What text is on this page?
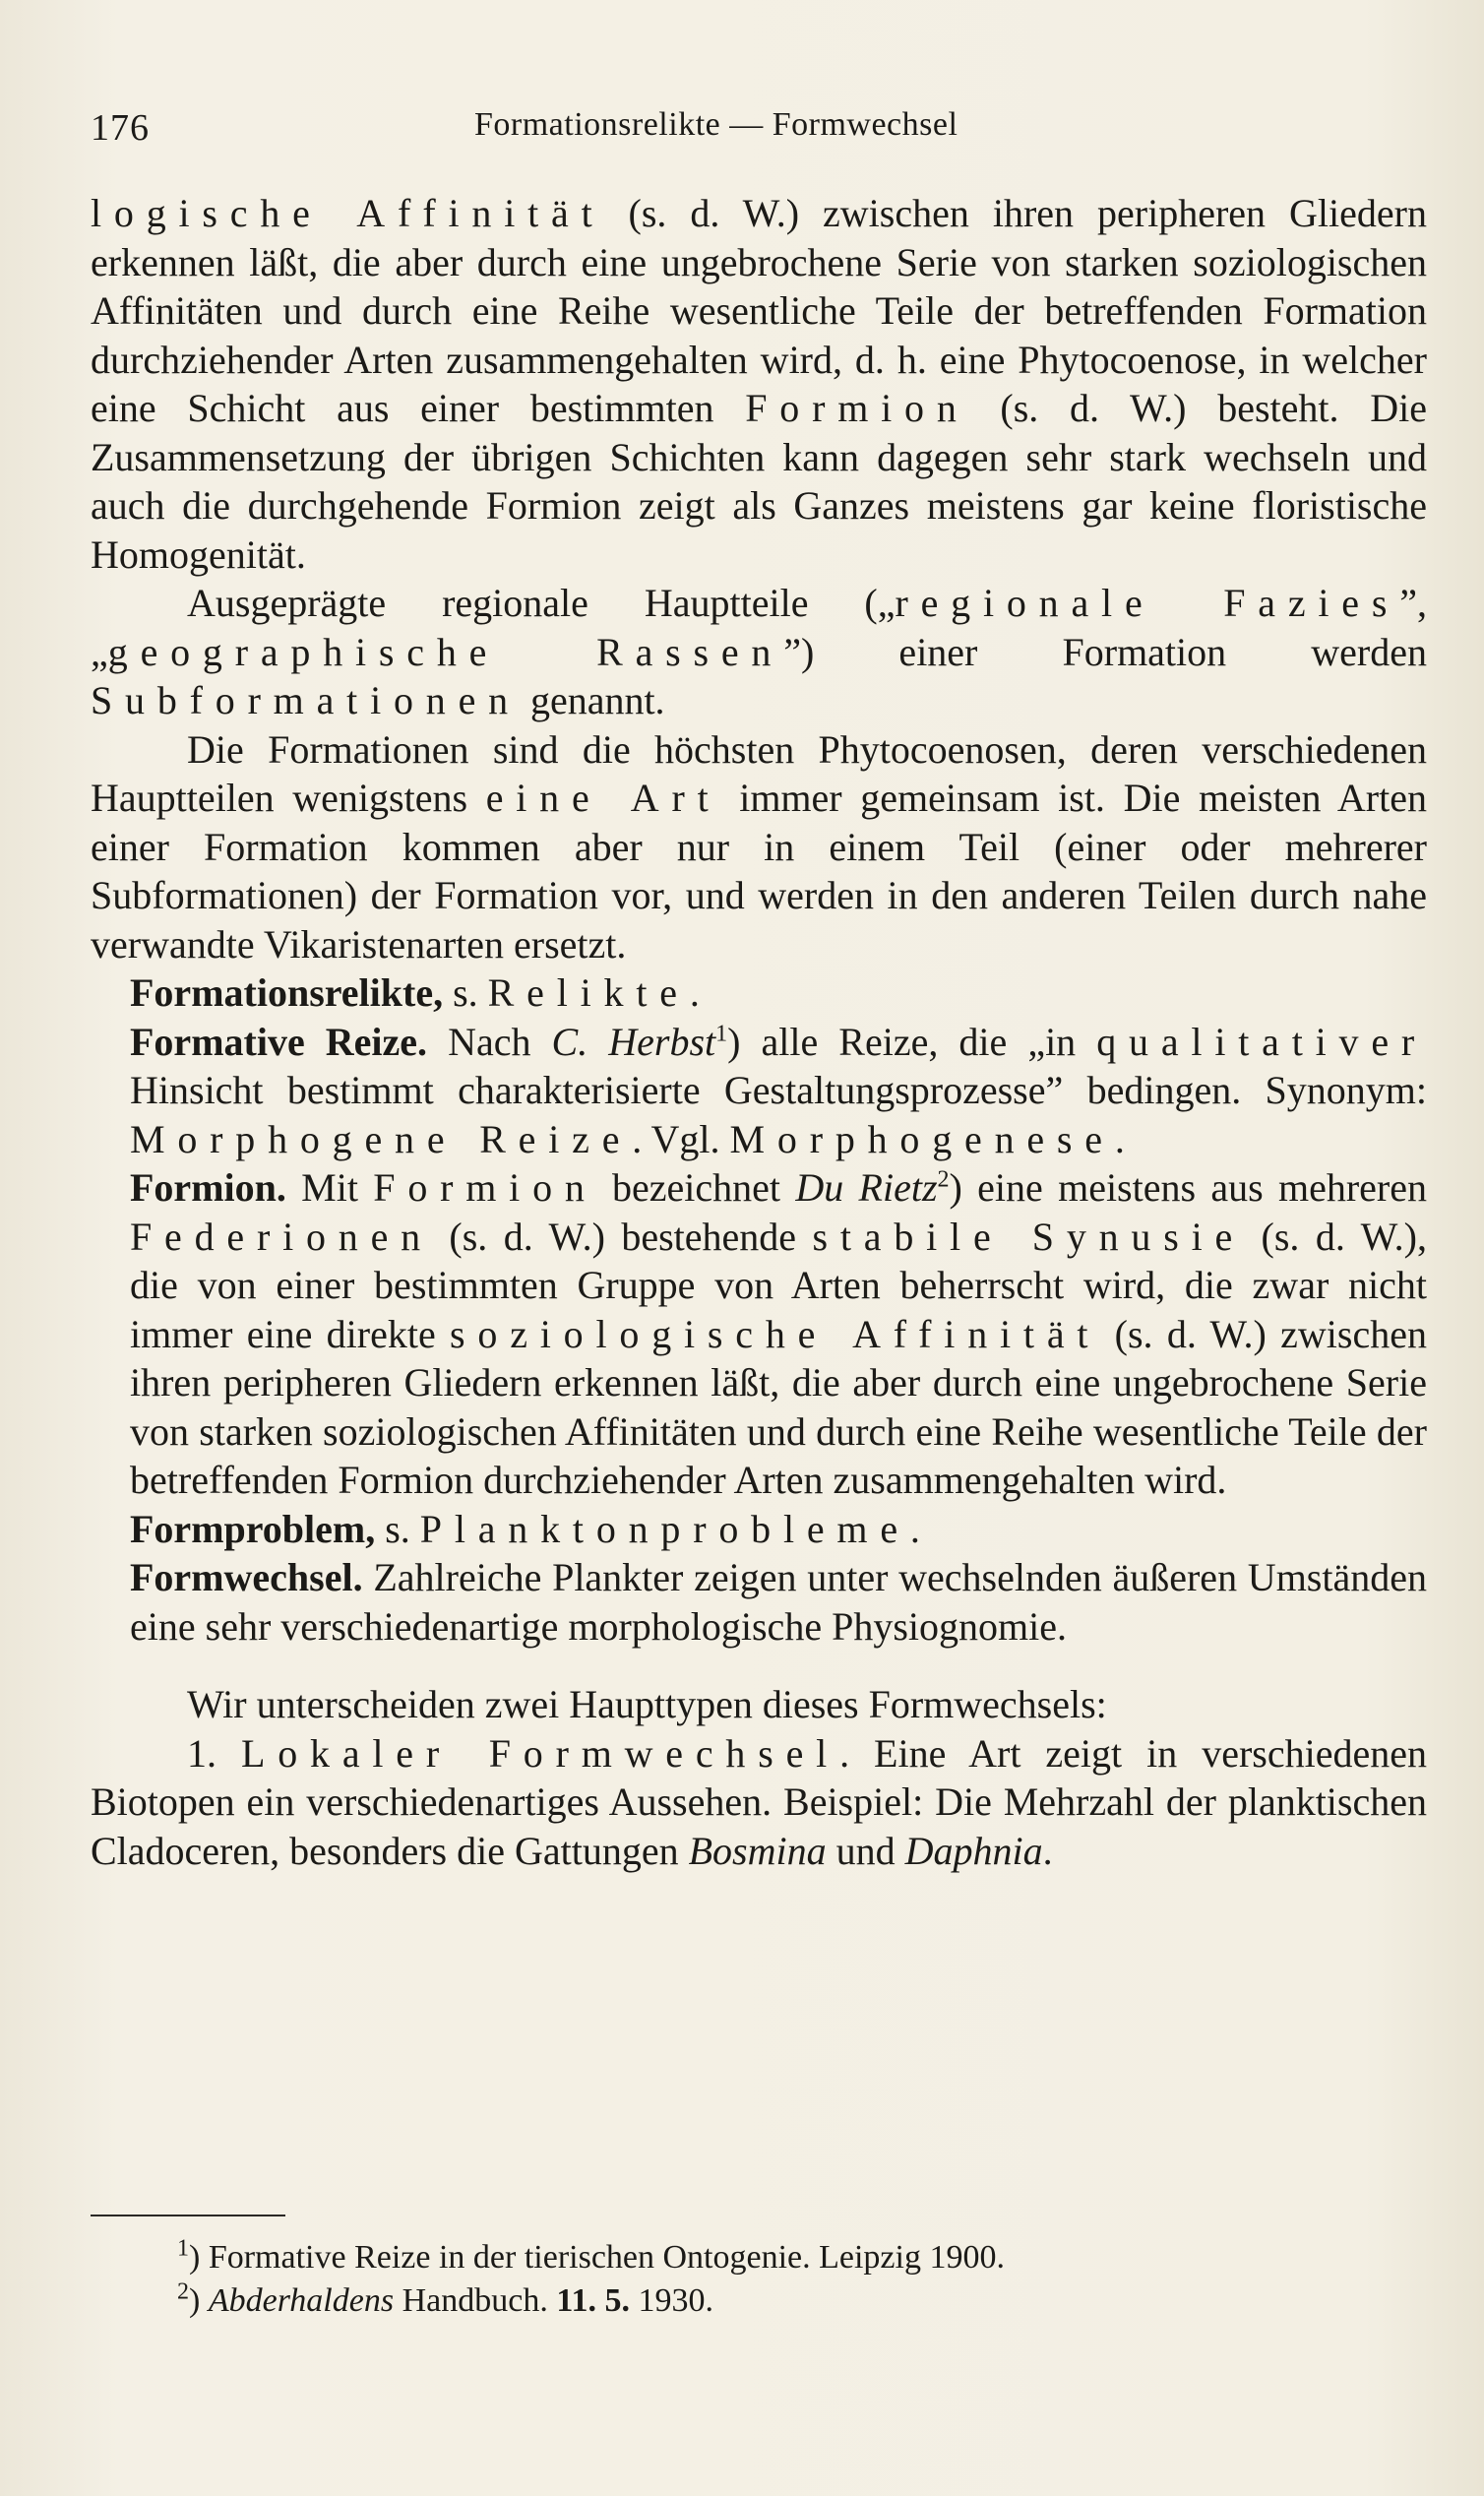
176	Formationsrelikte — Formwechsel

logische Affinität (s. d. W.) zwischen ihren peripheren Gliedern erkennen läßt, die aber durch eine ungebrochene Serie von starken soziologischen Affinitäten und durch eine Reihe wesentliche Teile der betreffenden Formation durchziehender Arten zusammengehalten wird, d. h. eine Phytocoenose, in welcher eine Schicht aus einer bestimmten Formion (s. d. W.) besteht. Die Zusammensetzung der übrigen Schichten kann dagegen sehr stark wechseln und auch die durchgehende Formion zeigt als Ganzes meistens gar keine floristische Homogenität.

Ausgeprägte regionale Hauptteile („regionale Fazies”, „geographische Rassen”) einer Formation werden Subformationen genannt.

Die Formationen sind die höchsten Phytocoenosen, deren verschiedenen Hauptteilen wenigstens eine Art immer gemeinsam ist. Die meisten Arten einer Formation kommen aber nur in einem Teil (einer oder mehrerer Subformationen) der Formation vor, und werden in den anderen Teilen durch nahe verwandte Vikaristenarten ersetzt.

Formationsrelikte, s. Relikte.

Formative Reize. Nach C. Herbst$^1$) alle Reize, die „in qualitativer Hinsicht bestimmt charakterisierte Gestaltungsprozesse” bedingen. Synonym: Morphogene Reize. Vgl. Morphogenese.

Formion. Mit Formion bezeichnet Du Rietz$^2$) eine meistens aus mehreren Federionen (s. d. W.) bestehende stabile Synusie (s. d. W.), die von einer bestimmten Gruppe von Arten beherrscht wird, die zwar nicht immer eine direkte soziologische Affinität (s. d. W.) zwischen ihren peripheren Gliedern erkennen läßt, die aber durch eine ungebrochene Serie von starken soziologischen Affinitäten und durch eine Reihe wesentliche Teile der betreffenden Formion durchziehender Arten zusammengehalten wird.

Formproblem, s. Planktonprobleme.

Formwechsel. Zahlreiche Plankter zeigen unter wechselnden äußeren Umständen eine sehr verschiedenartige morphologische Physiognomie.

Wir unterscheiden zwei Haupttypen dieses Formwechsels:

1. Lokaler Formwechsel. Eine Art zeigt in verschiedenen Biotopen ein verschiedenartiges Aussehen. Beispiel: Die Mehrzahl der planktischen Cladoceren, besonders die Gattungen Bosmina und Daphnia.

$^1$) Formative Reize in der tierischen Ontogenie. Leipzig 1900.

$^2$) Abderhaldens Handbuch. 11. 5. 1930.
